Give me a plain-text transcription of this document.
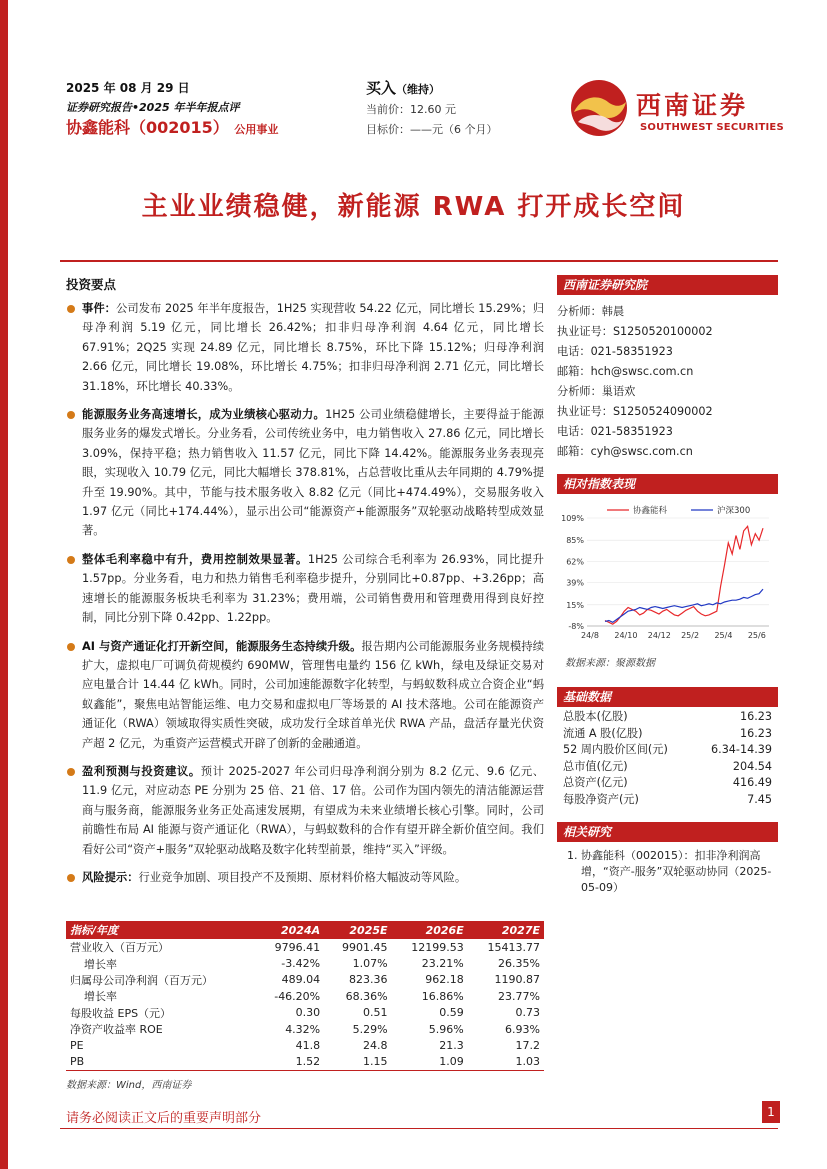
2025 年 08 月 29 日
证券研究报告•2025 年半年报点评
协鑫能科（002015） 公用事业
买入（维持）
当前价：12.60 元
目标价：——元（6 个月）
西南证券
SOUTHWEST SECURITIES
主业业绩稳健，新能源 RWA 打开成长空间
投资要点
事件：公司发布 2025 年半年度报告，1H25 实现营收 54.22 亿元，同比增长 15.29%；归母净利润 5.19 亿元，同比增长 26.42%；扣非归母净利润 4.64 亿元，同比增长 67.91%；2Q25 实现 24.89 亿元，同比增长 8.75%，环比下降 15.12%；归母净利润 2.66 亿元，同比增长 19.08%，环比增长 4.75%；扣非归母净利润 2.71 亿元，同比增长 31.18%，环比增长 40.33%。
能源服务业务高速增长，成为业绩核心驱动力。1H25 公司业绩稳健增长，主要得益于能源服务业务的爆发式增长。分业务看，公司传统业务中，电力销售收入 27.86 亿元，同比增长 3.09%，保持平稳；热力销售收入 11.57 亿元，同比下降 14.42%。能源服务业务表现亮眼，实现收入 10.79 亿元，同比大幅增长 378.81%，占总营收比重从去年同期的 4.79%提升至 19.90%。其中，节能与技术服务收入 8.82 亿元（同比+474.49%），交易服务收入 1.97 亿元（同比+174.44%），显示出公司“能源资产+能源服务”双轮驱动战略转型成效显著。
整体毛利率稳中有升，费用控制效果显著。1H25 公司综合毛利率为 26.93%，同比提升 1.57pp。分业务看，电力和热力销售毛利率稳步提升，分别同比+0.87pp、+3.26pp；高速增长的能源服务板块毛利率为 31.23%；费用端，公司销售费用和管理费用得到良好控制，同比分别下降 0.42pp、1.22pp。
AI 与资产通证化打开新空间，能源服务生态持续升级。报告期内公司能源服务业务规模持续扩大，虚拟电厂可调负荷规模约 690MW，管理售电量约 156 亿 kWh，绿电及绿证交易对应电量合计 14.44 亿 kWh。同时，公司加速能源数字化转型，与蚂蚁数科成立合资企业“蚂蚁鑫能”，聚焦电站智能运维、电力交易和虚拟电厂等场景的 AI 技术落地。公司在能源资产通证化（RWA）领域取得实质性突破，成功发行全球首单光伏 RWA 产品，盘活存量光伏资产超 2 亿元，为重资产运营模式开辟了创新的金融通道。
盈利预测与投资建议。预计 2025-2027 年公司归母净利润分别为 8.2 亿元、9.6 亿元、11.9 亿元，对应动态 PE 分别为 25 倍、21 倍、17 倍。公司作为国内领先的清洁能源运营商与服务商，能源服务业务正处高速发展期，有望成为未来业绩增长核心引擎。同时，公司前瞻性布局 AI 能源与资产通证化（RWA），与蚂蚁数科的合作有望开辟全新价值空间。我们看好公司“资产+服务”双轮驱动战略及数字化转型前景，维持“买入”评级。
风险提示：行业竞争加剧、项目投产不及预期、原材料价格大幅波动等风险。
指标/年度	2024A	2025E	2026E	2027E
营业收入（百万元）	9796.41	9901.45	12199.53	15413.77
增长率	-3.42%	1.07%	23.21%	26.35%
归属母公司净利润（百万元）	489.04	823.36	962.18	1190.87
增长率	-46.20%	68.36%	16.86%	23.77%
每股收益 EPS（元）	0.30	0.51	0.59	0.73
净资产收益率 ROE	4.32%	5.29%	5.96%	6.93%
PE	41.8	24.8	21.3	17.2
PB	1.52	1.15	1.09	1.03
数据来源：Wind，西南证券
西南证券研究院
分析师：韩晨
执业证号：S1250520100002
电话：021-58351923
邮箱：hch@swsc.com.cn
分析师：巢语欢
执业证号：S1250524090002
电话：021-58351923
邮箱：cyh@swsc.com.cn
相对指数表现
109%
85%
62%
39%
15%
-8%
24/8 24/10 24/12 25/2 25/4 25/6
协鑫能科	沪深300
数据来源：聚源数据
基础数据
总股本(亿股)	16.23
流通 A 股(亿股)	16.23
52 周内股价区间(元)	6.34-14.39
总市值(亿元)	204.54
总资产(亿元)	416.49
每股净资产(元)	7.45
相关研究
1. 协鑫能科（002015）：扣非净利润高增，“资产-服务”双轮驱动协同（2025-05-09）
请务必阅读正文后的重要声明部分	1
